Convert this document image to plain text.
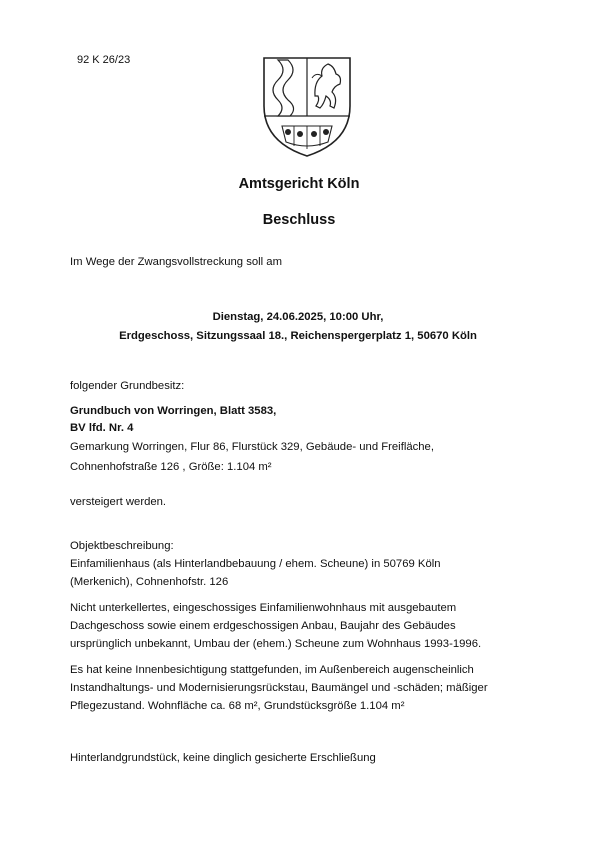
92 K 26/23
Amtsgericht Köln
Beschluss
Im Wege der Zwangsvollstreckung soll am
Dienstag, 24.06.2025, 10:00 Uhr,
Erdgeschoss, Sitzungssaal 18., Reichenspergerplatz 1, 50670 Köln
folgender Grundbesitz:
Grundbuch von Worringen, Blatt 3583,
BV lfd. Nr. 4
Gemarkung Worringen, Flur 86, Flurstück 329, Gebäude- und Freifläche,
Cohnenhofstraße 126 , Größe: 1.104 m²
versteigert werden.
Objektbeschreibung:
Einfamilienhaus (als Hinterlandbebauung / ehem. Scheune) in 50769 Köln
(Merkenich), Cohnenhofstr. 126
Nicht unterkellertes, eingeschossiges Einfamilienwohnhaus mit ausgebautem
Dachgeschoss sowie einem erdgeschossigen Anbau, Baujahr des Gebäudes
ursprünglich unbekannt, Umbau der (ehem.) Scheune zum Wohnhaus 1993-1996.
Es hat keine Innenbesichtigung stattgefunden, im Außenbereich augenscheinlich
Instandhaltungs- und Modernisierungsrückstau, Baumängel und -schäden; mäßiger
Pflegezustand. Wohnfläche ca. 68 m², Grundstücksgröße 1.104 m²
Hinterlandgrundstück, keine dinglich gesicherte Erschließung
